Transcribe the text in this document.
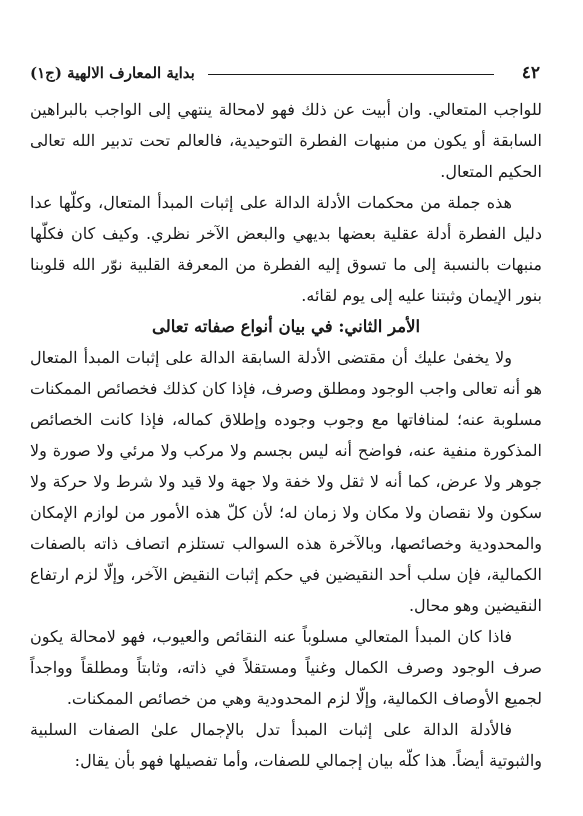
٤٢
بداية المعارف الالهية (ج١)

للواجب المتعالي. وان أبيت عن ذلك فهو لامحالة ينتهي إلى الواجب بالبراهين السابقة أو يكون من منبهات الفطرة التوحيدية، فالعالم تحت تدبير الله تعالى الحكيم المتعال.

هذه جملة من محكمات الأدلة الدالة على إثبات المبدأ المتعال، وكلّها عدا دليل الفطرة أدلة عقلية بعضها بديهي والبعض الآخر نظري. وكيف كان فكلّها منبهات بالنسبة إلى ما تسوق إليه الفطرة من المعرفة القلبية نوّر الله قلوبنا بنور الإيمان وثبتنا عليه إلى يوم لقائه.

الأمر الثاني: في بيان أنواع صفاته تعالى

ولا يخفىٰ عليك أن مقتضى الأدلة السابقة الدالة على إثبات المبدأ المتعال هو أنه تعالى واجب الوجود ومطلق وصرف، فإذا كان كذلك فخصائص الممكنات مسلوبة عنه؛ لمنافاتها مع وجوب وجوده وإطلاق كماله، فإذا كانت الخصائص المذكورة منفية عنه، فواضح أنه ليس بجسم ولا مركب ولا مرئي ولا صورة ولا جوهر ولا عرض، كما أنه لا ثقل ولا خفة ولا جهة ولا قيد ولا شرط ولا حركة ولا سكون ولا نقصان ولا مكان ولا زمان له؛ لأن كلّ هذه الأمور من لوازم الإمكان والمحدودية وخصائصها، وبالآخرة هذه السوالب تستلزم اتصاف ذاته بالصفات الكمالية، فإن سلب أحد النقيضين في حكم إثبات النقيض الآخر، وإلّا لزم ارتفاع النقيضين وهو محال.

فاذا كان المبدأ المتعالي مسلوباً عنه النقائص والعيوب، فهو لامحالة يكون صرف الوجود وصرف الكمال وغنياً ومستقلاً في ذاته، وثابتاً ومطلقاً وواجداً لجميع الأوصاف الكمالية، وإلّا لزم المحدودية وهي من خصائص الممكنات.

فالأدلة الدالة على إثبات المبدأ تدل بالإجمال علىٰ الصفات السلبية والثبوتية أيضاً. هذا كلّه بيان إجمالي للصفات، وأما تفصيلها فهو بأن يقال:
